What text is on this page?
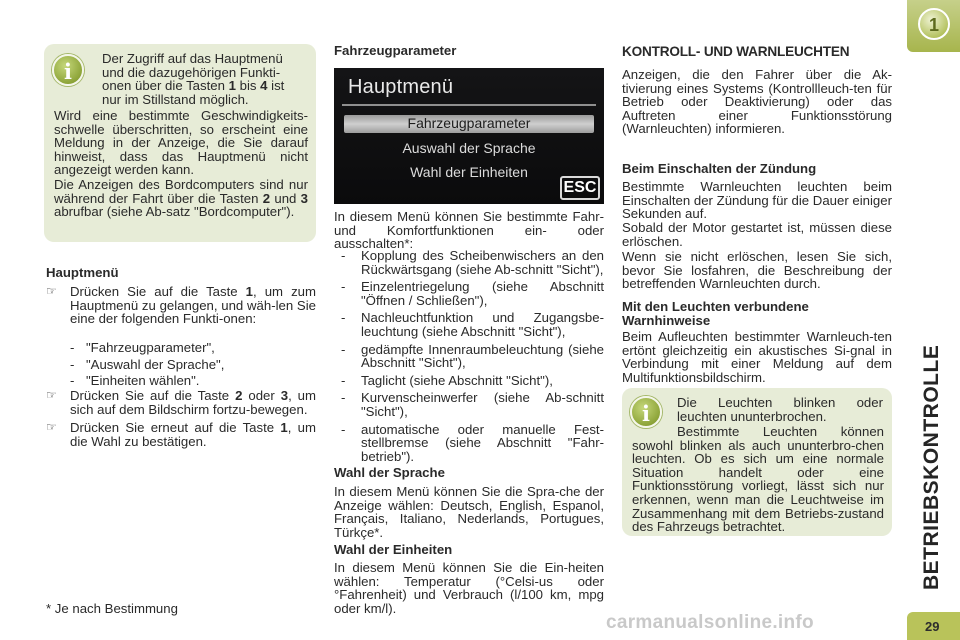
i

Der Zugriff auf das Hauptmenü
und die dazugehörigen Funkti-
onen über die Tasten 1 bis 4 ist
nur im Stillstand möglich.

Wird eine bestimmte Geschwindigkeits-schwelle überschritten, so erscheint eine Meldung in der Anzeige, die Sie darauf hinweist, dass das Hauptmenü nicht angezeigt werden kann.

Die Anzeigen des Bordcomputers sind nur während der Fahrt über die Tasten 2 und 3 abrufbar (siehe Ab-satz "Bordcomputer").

Hauptmenü
☞ Drücken Sie auf die Taste 1, um zum Hauptmenü zu gelangen, und wäh-len Sie eine der folgenden Funkti-onen:
- "Fahrzeugparameter",
- "Auswahl der Sprache",
- "Einheiten wählen".
☞ Drücken Sie auf die Taste 2 oder 3, um sich auf dem Bildschirm fortzu-bewegen.
☞ Drücken Sie erneut auf die Taste 1, um die Wahl zu bestätigen.

* Je nach Bestimmung

Fahrzeugparameter
Hauptmenü
Fahrzeugparameter
Auswahl der Sprache
Wahl der Einheiten
ESC

In diesem Menü können Sie bestimmte Fahr- und Komfortfunktionen ein- oder ausschalten*:

- Kopplung des Scheibenwischers an den Rückwärtsgang (siehe Ab-schnitt "Sicht"),
- Einzelentriegelung (siehe Abschnitt "Öffnen / Schließen"),
- Nachleuchtfunktion und Zugangsbe-leuchtung (siehe Abschnitt "Sicht"),
- gedämpfte Innenraumbeleuchtung (siehe Abschnitt "Sicht"),
- Taglicht (siehe Abschnitt "Sicht"),
- Kurvenscheinwerfer (siehe Ab-schnitt "Sicht"),
- automatische oder manuelle Fest-stellbremse (siehe Abschnitt "Fahr-betrieb").
Wahl der Sprache

In diesem Menü können Sie die Spra-che der Anzeige wählen: Deutsch, English, Espanol, Français, Italiano, Nederlands, Portugues, Türkçe*.

Wahl der Einheiten

In diesem Menü können Sie die Ein-heiten wählen: Temperatur (°Celsi-us oder °Fahrenheit) und Verbrauch (l/100 km, mpg oder km/l).

KONTROLL- UND WARNLEUCHTEN

Anzeigen, die den Fahrer über die Ak-tivierung eines Systems (Kontrollleuch-ten für Betrieb oder Deaktivierung) oder das Auftreten einer Funktionsstörung (Warnleuchten) informieren.

Beim Einschalten der Zündung

Bestimmte Warnleuchten leuchten beim Einschalten der Zündung für die Dauer einiger Sekunden auf.

Sobald der Motor gestartet ist, müssen diese erlöschen.

Wenn sie nicht erlöschen, lesen Sie sich, bevor Sie losfahren, die Beschreibung der betreffenden Warnleuchten durch.

Mit den Leuchten verbundene Warnhinweise

Beim Aufleuchten bestimmter Warnleuch-ten ertönt gleichzeitig ein akustisches Si-gnal in Verbindung mit einer Meldung auf dem Multifunktionsbildschirm.

i	Die Leuchten blinken oder leuchten ununterbrochen.

Bestimmte Leuchten können sowohl blinken als auch ununterbro-chen leuchten. Ob es sich um eine normale Situation handelt oder eine Funktionsstörung vorliegt, lässt sich nur erkennen, wenn man die Leuchtweise im Zusammenhang mit dem Betriebs-zustand des Fahrzeugs betrachtet.

1
BETRIEBSKONTROLLE
29
carmanualsonline.info
